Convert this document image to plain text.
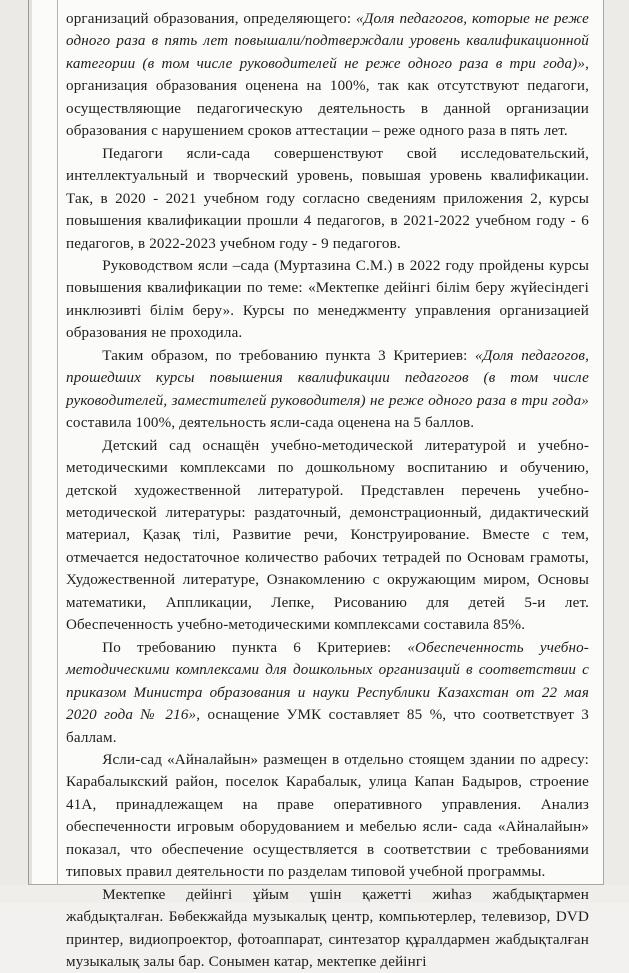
организаций образования, определяющего: «Доля педагогов, которые не реже одного раза в пять лет повышали/подтверждали уровень квалификационной категории (в том числе руководителей не реже одного раза в три года)», организация образования оценена на 100%, так как отсутствуют педагоги, осуществляющие педагогическую деятельность в данной организации образования с нарушением сроков аттестации – реже одного раза в пять лет.

Педагоги ясли-сада совершенствуют свой исследовательский, интеллектуальный и творческий уровень, повышая уровень квалификации. Так, в 2020 - 2021 учебном году согласно сведениям приложения 2, курсы повышения квалификации прошли 4 педагогов, в 2021-2022 учебном году - 6 педагогов, в 2022-2023 учебном году - 9 педагогов.

Руководством ясли –сада (Муртазина С.М.) в 2022 году пройдены курсы повышения квалификации по теме: «Мектепке дейінгі білім беру жүйесіндегі инклюзивті білім беру». Курсы по менеджменту управления организацией образования не проходила.

Таким образом, по требованию пункта 3 Критериев: «Доля педагогов, прошедших курсы повышения квалификации педагогов (в том числе руководителей, заместителей руководителя) не реже одного раза в три года» составила 100%, деятельность ясли-сада оценена на 5 баллов.

Детский сад оснащён учебно-методической литературой и учебно-методическими комплексами по дошкольному воспитанию и обучению, детской художественной литературой. Представлен перечень учебно-методической литературы: раздаточный, демонстрационный, дидактический материал, Қазақ тілі, Развитие речи, Конструирование. Вместе с тем, отмечается недостаточное количество рабочих тетрадей по Основам грамоты, Художественной литературе, Ознакомлению с окружающим миром, Основы математики, Аппликации, Лепке, Рисованию для детей 5-и лет. Обеспеченность учебно-методическими комплексами составила 85%.

По требованию пункта 6 Критериев: «Обеспеченность учебно-методическими комплексами для дошкольных организаций в соответствии с приказом Министра образования и науки Республики Казахстан от 22 мая 2020 года № 216», оснащение УМК составляет 85 %, что соответствует 3 баллам.

Ясли-сад «Айналайын» размещен в отдельно стоящем здании по адресу: Карабалыкский район, поселок Карабалык, улица Капан Бадыров, строение 41А, принадлежащем на праве оперативного управления. Анализ обеспеченности игровым оборудованием и мебелью ясли- сада «Айналайын» показал, что обеспечение осуществляется в соответствии с требованиями типовых правил деятельности по разделам типовой учебной программы.

Мектепке дейінгі ұйым үшін қажетті жиһаз жабдықтармен жабдықталған. Бөбекжайда музыкалық центр, компьютерлер, телевизор, DVD принтер, видиопроектор, фотоаппарат, синтезатор құралдармен жабдықталған музыкалық залы бар. Сонымен катар, мектепке дейінгі
